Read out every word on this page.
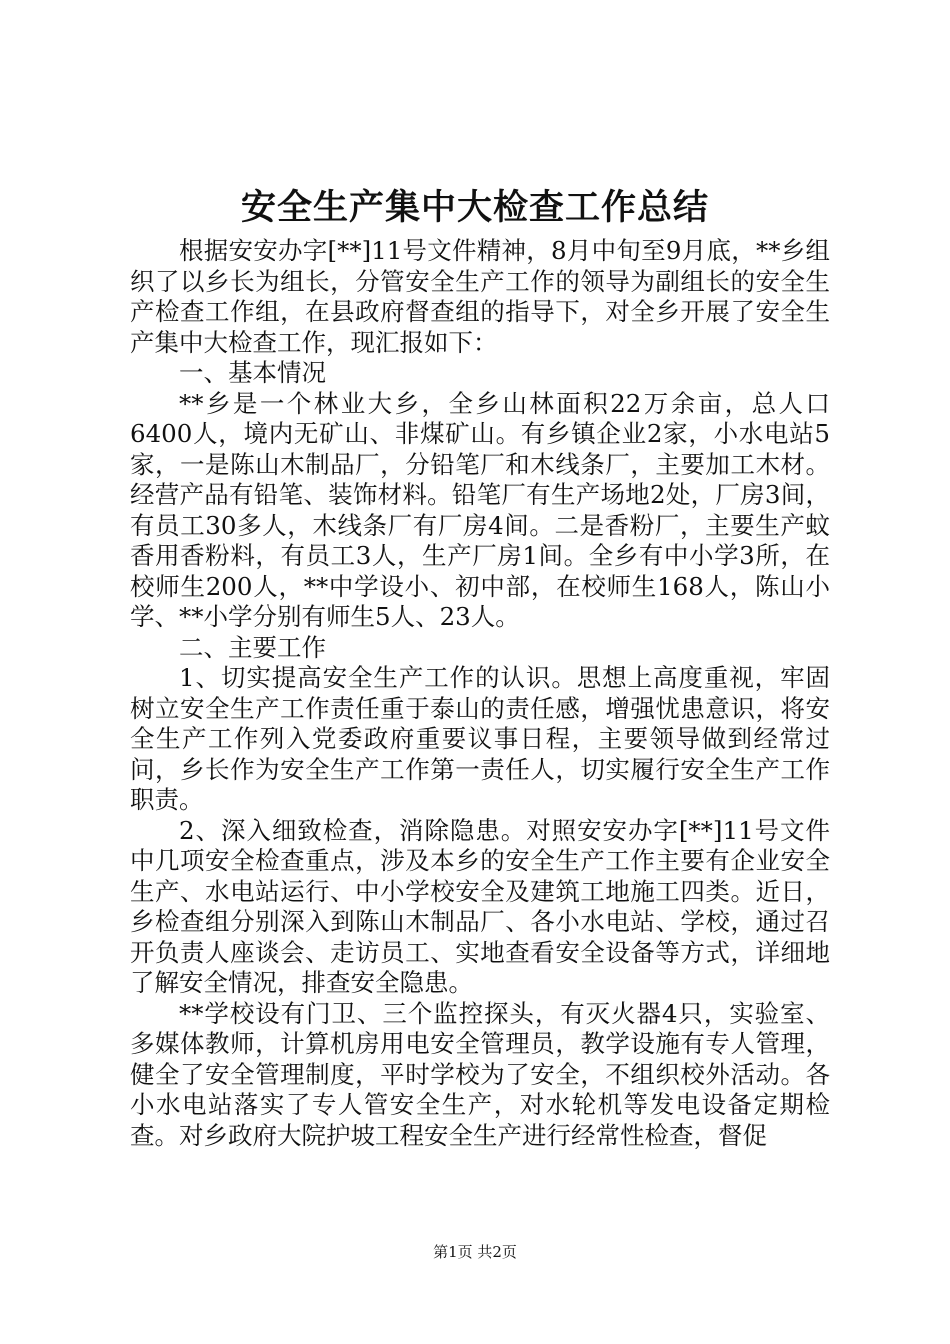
安全生产集中大检查工作总结

根据安安办字[**]11号文件精神，8月中旬至9月底，**乡组织了以乡长为组长，分管安全生产工作的领导为副组长的安全生产检查工作组，在县政府督查组的指导下，对全乡开展了安全生产集中大检查工作，现汇报如下：

一、基本情况

**乡是一个林业大乡，全乡山林面积22万余亩，总人口6400人，境内无矿山、非煤矿山。有乡镇企业2家，小水电站5家，一是陈山木制品厂，分铅笔厂和木线条厂，主要加工木材。经营产品有铅笔、装饰材料。铅笔厂有生产场地2处，厂房3间，有员工30多人，木线条厂有厂房4间。二是香粉厂，主要生产蚊香用香粉料，有员工3人，生产厂房1间。全乡有中小学3所，在校师生200人，**中学设小、初中部，在校师生168人，陈山小学、**小学分别有师生5人、23人。

二、主要工作

1、切实提高安全生产工作的认识。思想上高度重视，牢固树立安全生产工作责任重于泰山的责任感，增强忧患意识，将安全生产工作列入党委政府重要议事日程，主要领导做到经常过问，乡长作为安全生产工作第一责任人，切实履行安全生产工作职责。

2、深入细致检查，消除隐患。对照安安办字[**]11号文件中几项安全检查重点，涉及本乡的安全生产工作主要有企业安全生产、水电站运行、中小学校安全及建筑工地施工四类。近日，乡检查组分别深入到陈山木制品厂、各小水电站、学校，通过召开负责人座谈会、走访员工、实地查看安全设备等方式，详细地了解安全情况，排查安全隐患。

**学校设有门卫、三个监控探头，有灭火器4只，实验室、多媒体教师，计算机房用电安全管理员，教学设施有专人管理，健全了安全管理制度，平时学校为了安全，不组织校外活动。各小水电站落实了专人管安全生产，对水轮机等发电设备定期检查。对乡政府大院护坡工程安全生产进行经常性检查，督促

第1页 共2页
